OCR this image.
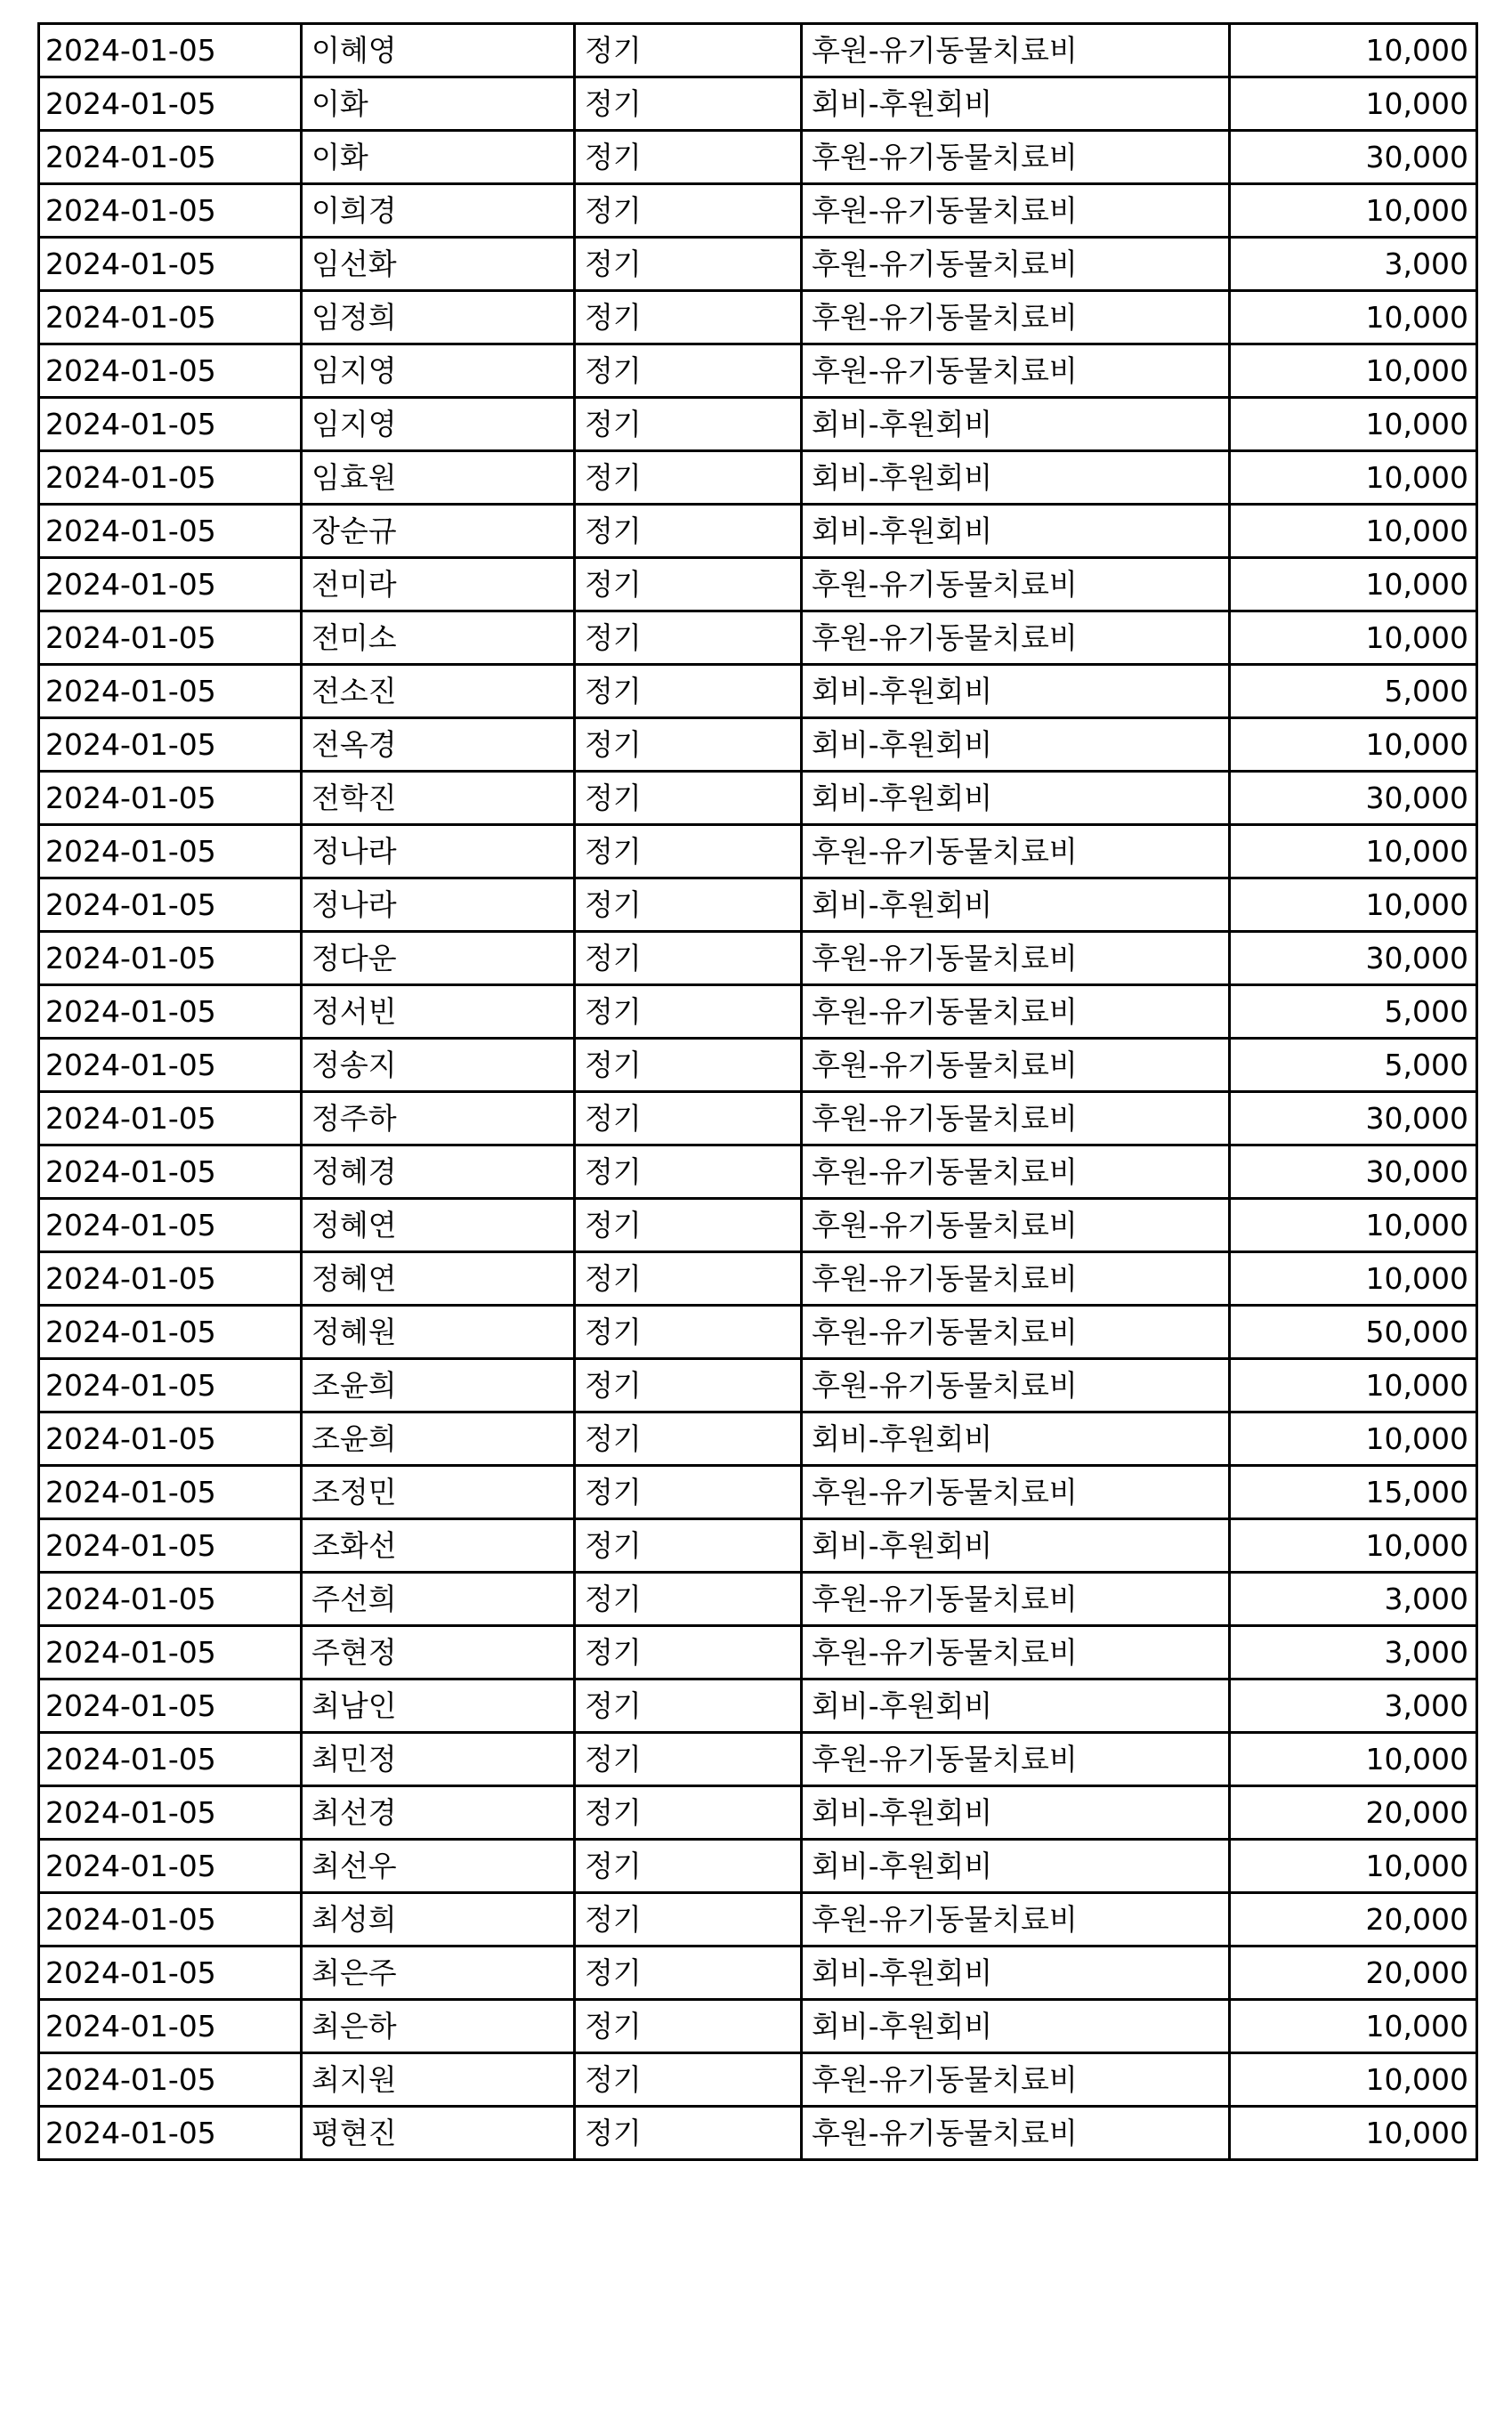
2024-01-05	이혜영	정기	후원-유기동물치료비	10,000
2024-01-05	이화	정기	회비-후원회비	10,000
2024-01-05	이화	정기	후원-유기동물치료비	30,000
2024-01-05	이희경	정기	후원-유기동물치료비	10,000
2024-01-05	임선화	정기	후원-유기동물치료비	3,000
2024-01-05	임정희	정기	후원-유기동물치료비	10,000
2024-01-05	임지영	정기	후원-유기동물치료비	10,000
2024-01-05	임지영	정기	회비-후원회비	10,000
2024-01-05	임효원	정기	회비-후원회비	10,000
2024-01-05	장순규	정기	회비-후원회비	10,000
2024-01-05	전미라	정기	후원-유기동물치료비	10,000
2024-01-05	전미소	정기	후원-유기동물치료비	10,000
2024-01-05	전소진	정기	회비-후원회비	5,000
2024-01-05	전옥경	정기	회비-후원회비	10,000
2024-01-05	전학진	정기	회비-후원회비	30,000
2024-01-05	정나라	정기	후원-유기동물치료비	10,000
2024-01-05	정나라	정기	회비-후원회비	10,000
2024-01-05	정다운	정기	후원-유기동물치료비	30,000
2024-01-05	정서빈	정기	후원-유기동물치료비	5,000
2024-01-05	정송지	정기	후원-유기동물치료비	5,000
2024-01-05	정주하	정기	후원-유기동물치료비	30,000
2024-01-05	정혜경	정기	후원-유기동물치료비	30,000
2024-01-05	정혜연	정기	후원-유기동물치료비	10,000
2024-01-05	정혜연	정기	후원-유기동물치료비	10,000
2024-01-05	정혜원	정기	후원-유기동물치료비	50,000
2024-01-05	조윤희	정기	후원-유기동물치료비	10,000
2024-01-05	조윤희	정기	회비-후원회비	10,000
2024-01-05	조정민	정기	후원-유기동물치료비	15,000
2024-01-05	조화선	정기	회비-후원회비	10,000
2024-01-05	주선희	정기	후원-유기동물치료비	3,000
2024-01-05	주현정	정기	후원-유기동물치료비	3,000
2024-01-05	최남인	정기	회비-후원회비	3,000
2024-01-05	최민정	정기	후원-유기동물치료비	10,000
2024-01-05	최선경	정기	회비-후원회비	20,000
2024-01-05	최선우	정기	회비-후원회비	10,000
2024-01-05	최성희	정기	후원-유기동물치료비	20,000
2024-01-05	최은주	정기	회비-후원회비	20,000
2024-01-05	최은하	정기	회비-후원회비	10,000
2024-01-05	최지원	정기	후원-유기동물치료비	10,000
2024-01-05	평현진	정기	후원-유기동물치료비	10,000
